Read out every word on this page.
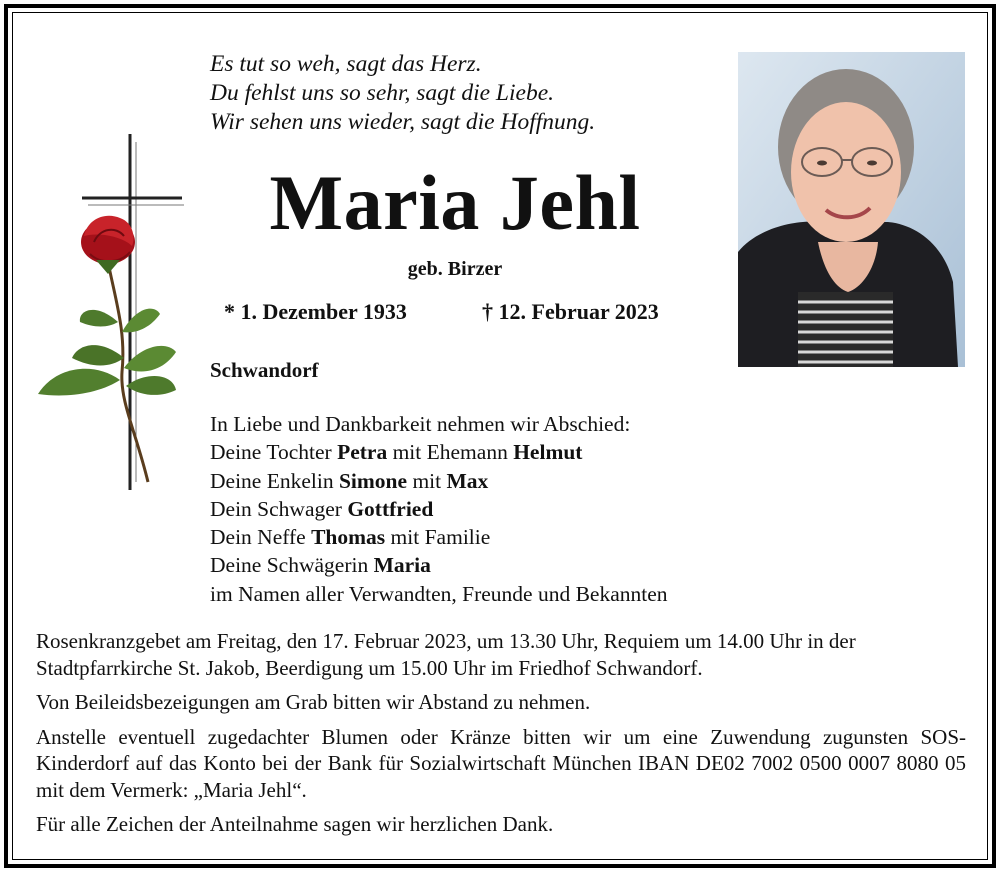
Es tut so weh, sagt das Herz.
Du fehlst uns so sehr, sagt die Liebe.
Wir sehen uns wieder, sagt die Hoffnung.
Maria Jehl
geb. Birzer
* 1. Dezember 1933	† 12. Februar 2023
Schwandorf
In Liebe und Dankbarkeit nehmen wir Abschied:
Deine Tochter Petra mit Ehemann Helmut
Deine Enkelin Simone mit Max
Dein Schwager Gottfried
Dein Neffe Thomas mit Familie
Deine Schwägerin Maria
im Namen aller Verwandten, Freunde und Bekannten

Rosenkranzgebet am Freitag, den 17. Februar 2023, um 13.30 Uhr, Requiem um 14.00 Uhr in der Stadtpfarrkirche St. Jakob, Beerdigung um 15.00 Uhr im Friedhof Schwandorf.

Von Beileidsbezeigungen am Grab bitten wir Abstand zu nehmen.

Anstelle eventuell zugedachter Blumen oder Kränze bitten wir um eine Zuwendung zugunsten SOS-Kinderdorf auf das Konto bei der Bank für Sozialwirtschaft München IBAN DE02 7002 0500 0007 8080 05 mit dem Vermerk: „Maria Jehl“.

Für alle Zeichen der Anteilnahme sagen wir herzlichen Dank.
